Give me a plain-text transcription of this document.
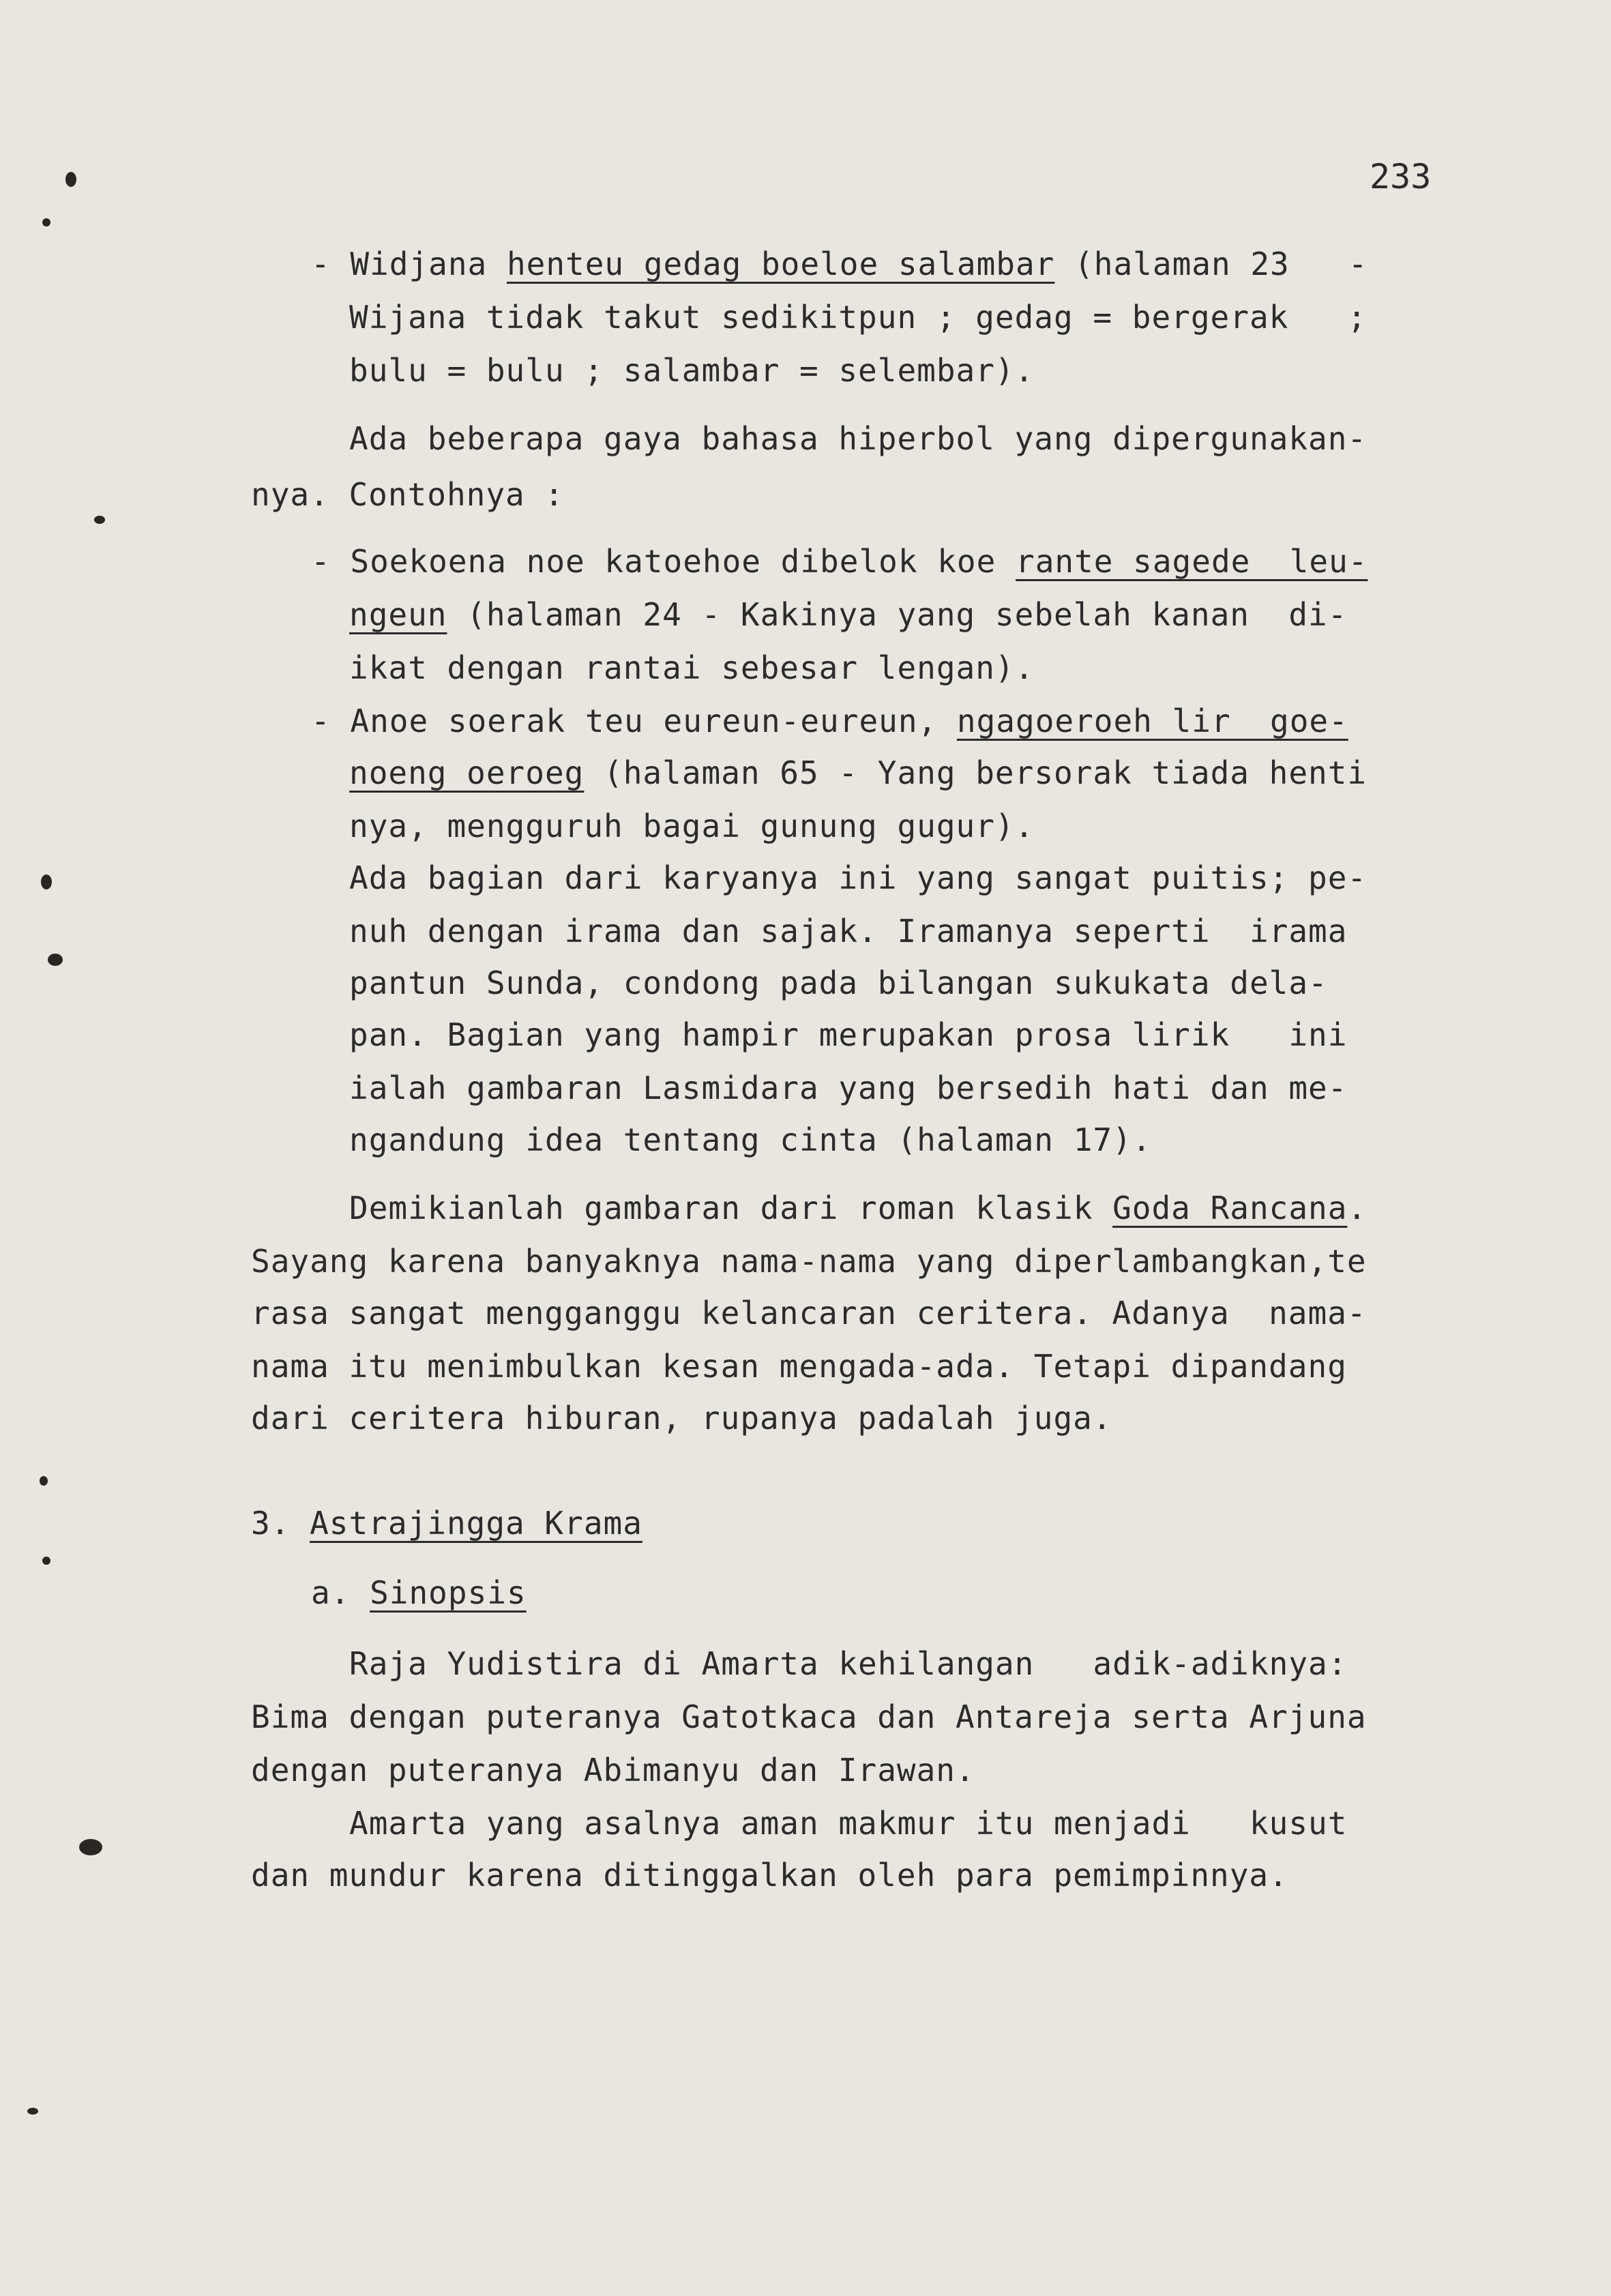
233
- Widjana henteu gedag boeloe salambar (halaman 23   -
Wijana tidak takut sedikitpun ; gedag = bergerak   ;
bulu = bulu ; salambar = selembar).
Ada beberapa gaya bahasa hiperbol yang dipergunakan-
nya. Contohnya :
- Soekoena noe katoehoe dibelok koe rante sagede  leu-
ngeun (halaman 24 - Kakinya yang sebelah kanan  di-
ikat dengan rantai sebesar lengan).
- Anoe soerak teu eureun-eureun, ngagoeroeh lir  goe-
noeng oeroeg (halaman 65 - Yang bersorak tiada henti
nya, mengguruh bagai gunung gugur).
Ada bagian dari karyanya ini yang sangat puitis; pe-
nuh dengan irama dan sajak. Iramanya seperti  irama
pantun Sunda, condong pada bilangan sukukata dela-
pan. Bagian yang hampir merupakan prosa lirik   ini
ialah gambaran Lasmidara yang bersedih hati dan me-
ngandung idea tentang cinta (halaman 17).
Demikianlah gambaran dari roman klasik Goda Rancana.
Sayang karena banyaknya nama-nama yang diperlambangkan,te
rasa sangat mengganggu kelancaran ceritera. Adanya  nama-
nama itu menimbulkan kesan mengada-ada. Tetapi dipandang
dari ceritera hiburan, rupanya padalah juga.
3. Astrajingga Krama
a. Sinopsis
Raja Yudistira di Amarta kehilangan   adik-adiknya:
Bima dengan puteranya Gatotkaca dan Antareja serta Arjuna
dengan puteranya Abimanyu dan Irawan.
Amarta yang asalnya aman makmur itu menjadi   kusut
dan mundur karena ditinggalkan oleh para pemimpinnya.
